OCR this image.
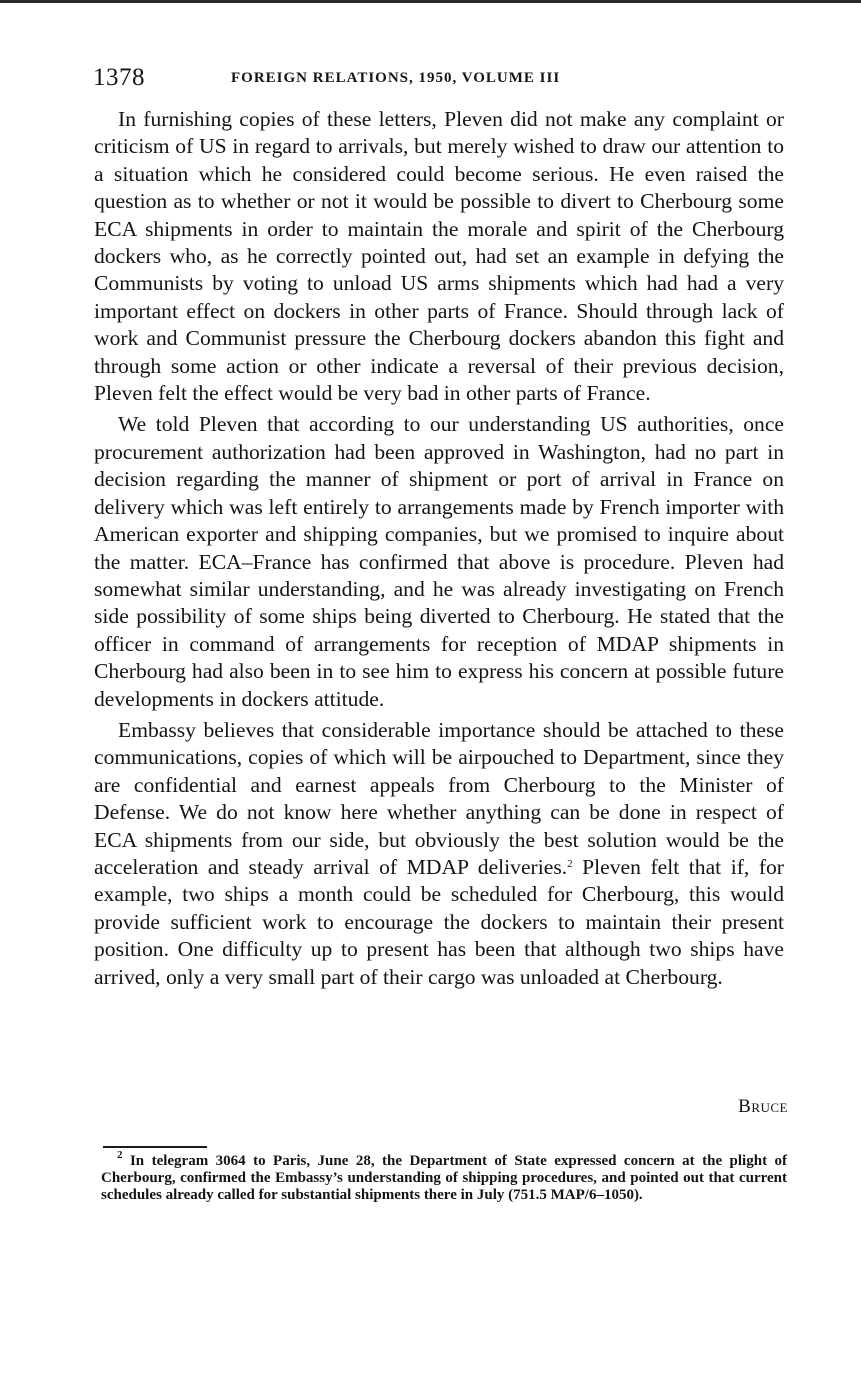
1378	FOREIGN RELATIONS, 1950, VOLUME III

In furnishing copies of these letters, Pleven did not make any complaint or criticism of US in regard to arrivals, but merely wished to draw our attention to a situation which he considered could become serious. He even raised the question as to whether or not it would be possible to divert to Cherbourg some ECA shipments in order to maintain the morale and spirit of the Cherbourg dockers who, as he correctly pointed out, had set an example in defying the Communists by voting to unload US arms shipments which had had a very important effect on dockers in other parts of France. Should through lack of work and Communist pressure the Cherbourg dockers abandon this fight and through some action or other indicate a reversal of their previous decision, Pleven felt the effect would be very bad in other parts of France.

We told Pleven that according to our understanding US authorities, once procurement authorization had been approved in Washington, had no part in decision regarding the manner of shipment or port of arrival in France on delivery which was left entirely to arrangements made by French importer with American exporter and shipping companies, but we promised to inquire about the matter. ECA–France has confirmed that above is procedure. Pleven had somewhat similar understanding, and he was already investigating on French side possibility of some ships being diverted to Cherbourg. He stated that the officer in command of arrangements for reception of MDAP shipments in Cherbourg had also been in to see him to express his concern at possible future developments in dockers attitude.

Embassy believes that considerable importance should be attached to these communications, copies of which will be airpouched to Department, since they are confidential and earnest appeals from Cherbourg to the Minister of Defense. We do not know here whether anything can be done in respect of ECA shipments from our side, but obviously the best solution would be the acceleration and steady arrival of MDAP deliveries.$^2$ Pleven felt that if, for example, two ships a month could be scheduled for Cherbourg, this would provide sufficient work to encourage the dockers to maintain their present position. One difficulty up to present has been that although two ships have arrived, only a very small part of their cargo was unloaded at Cherbourg.

Bruce

$^2$ In telegram 3064 to Paris, June 28, the Department of State expressed concern at the plight of Cherbourg, confirmed the Embassy’s understanding of shipping procedures, and pointed out that current schedules already called for substantial shipments there in July (751.5 MAP/6–1050).
